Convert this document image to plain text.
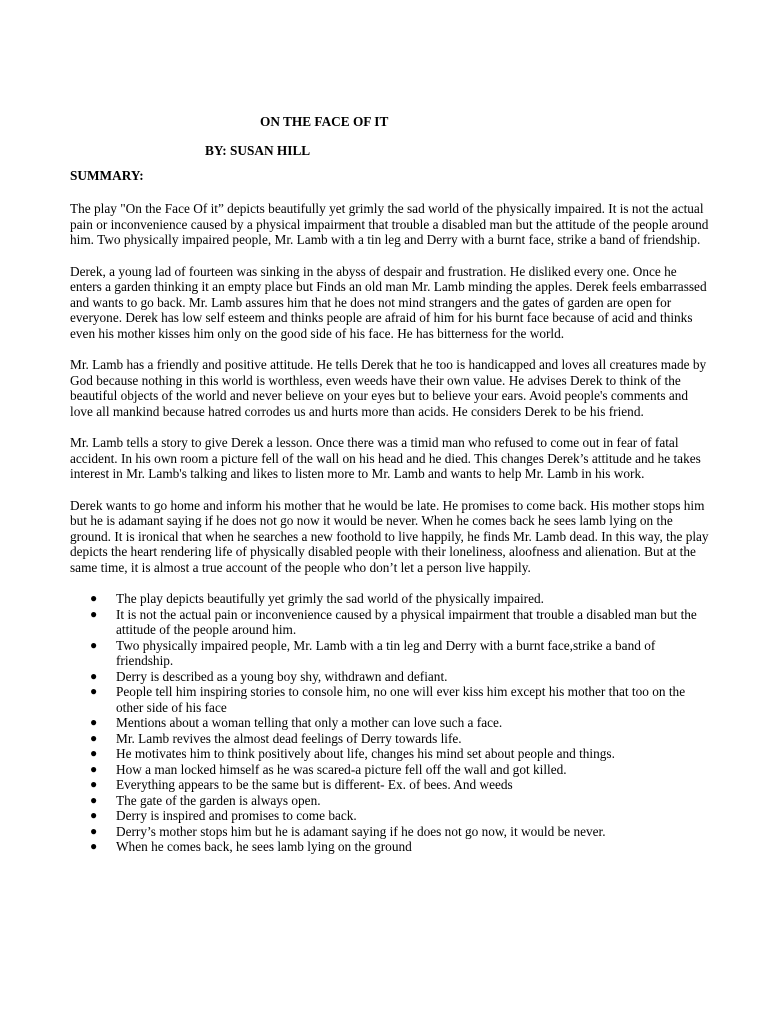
ON THE FACE OF IT
BY: SUSAN HILL
SUMMARY:

The play "On the Face Of it” depicts beautifully yet grimly the sad world of the physically impaired. It is not the actual pain or inconvenience caused by a physical impairment that trouble a disabled man but the attitude of the people around him. Two physically impaired people, Mr. Lamb with a tin leg and Derry with a burnt face, strike a band of friendship.

Derek, a young lad of fourteen was sinking in the abyss of despair and frustration. He disliked every one. Once he enters a garden thinking it an empty place but Finds an old man Mr. Lamb minding the apples. Derek feels embarrassed and wants to go back. Mr. Lamb assures him that he does not mind strangers and the gates of garden are open for everyone. Derek has low self esteem and thinks people are afraid of him for his burnt face because of acid and thinks even his mother kisses him only on the good side of his face. He has bitterness for the world.

Mr. Lamb has a friendly and positive attitude. He tells Derek that he too is handicapped and loves all creatures made by God because nothing in this world is worthless, even weeds have their own value. He advises Derek to think of the beautiful objects of the world and never believe on your eyes but to believe your ears. Avoid people's comments and love all mankind because hatred corrodes us and hurts more than acids. He considers Derek to be his friend.

Mr. Lamb tells a story to give Derek a lesson. Once there was a timid man who refused to come out in fear of fatal accident. In his own room a picture fell of the wall on his head and he died. This changes Derek’s attitude and he takes interest in Mr. Lamb's talking and likes to listen more to Mr. Lamb and wants to help Mr. Lamb in his work.

Derek wants to go home and inform his mother that he would be late. He promises to come back. His mother stops him but he is adamant saying if he does not go now it would be never. When he comes back he sees lamb lying on the ground. It is ironical that when he searches a new foothold to live happily, he finds Mr. Lamb dead. In this way, the play depicts the heart rendering life of physically disabled people with their loneliness, aloofness and alienation. But at the same time, it is almost a true account of the people who don’t let a person live happily.

● The play depicts beautifully yet grimly the sad world of the physically impaired.
● It is not the actual pain or inconvenience caused by a physical impairment that trouble a disabled man but the attitude of the people around him.
● Two physically impaired people, Mr. Lamb with a tin leg and Derry with a burnt face,strike a band of friendship.
● Derry is described as a young boy shy, withdrawn and defiant.
● People tell him inspiring stories to console him, no one will ever kiss him except his mother that too on the other side of his face
● Mentions about a woman telling that only a mother can love such a face.
● Mr. Lamb revives the almost dead feelings of Derry towards life.
● He motivates him to think positively about life, changes his mind set about people and things.
● How a man locked himself as he was scared-a picture fell off the wall and got killed.
● Everything appears to be the same but is different- Ex. of bees. And weeds
● The gate of the garden is always open.
● Derry is inspired and promises to come back.
● Derry’s mother stops him but he is adamant saying if he does not go now, it would be never.
● When he comes back, he sees lamb lying on the ground
